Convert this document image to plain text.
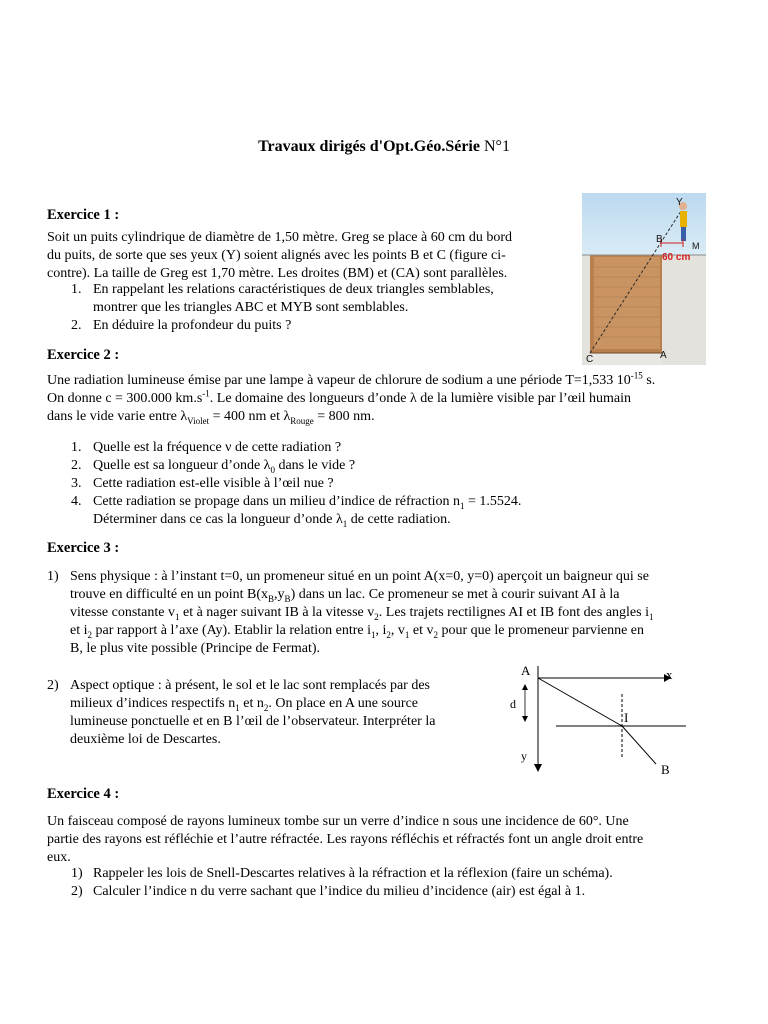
Travaux dirigés d'Opt.Géo.Série N°1
Exercice 1 :
Soit un puits cylindrique de diamètre de 1,50 mètre. Greg se place à 60 cm du bord
du puits, de sorte que ses yeux (Y) soient alignés avec les points B et C (figure ci-
contre). La taille de Greg est 1,70 mètre. Les droites (BM) et (CA) sont parallèles.
1. En rappelant les relations caractéristiques de deux triangles semblables,
montrer que les triangles ABC et MYB sont semblables.
2. En déduire la profondeur du puits ?
B
Y
M
60 cm
C	A
Exercice 2 :
Une radiation lumineuse émise par une lampe à vapeur de chlorure de sodium a une période T=1,533 $10^{-15}$ s.
On donne c = 300.000 $km.s^{-1}$. Le domaine des longueurs d’onde λ de la lumière visible par l’œil humain
dans le vide varie entre $\lambda_{Violet} = 400$ nm et $\lambda_{Rouge} = 800$ nm.
1. Quelle est la fréquence ν de cette radiation ?
2. Quelle est sa longueur d’onde $\lambda_0$ dans le vide ?
3. Cette radiation est-elle visible à l’œil nue ?
4. Cette radiation se propage dans un milieu d’indice de réfraction $n_1 = 1.5524$.
Déterminer dans ce cas la longueur d’onde $\lambda_1$ de cette radiation.
Exercice 3 :
1) Sens physique : à l’instant t=0, un promeneur situé en un point A(x=0, y=0) aperçoit un baigneur qui se
trouve en difficulté en un point $B(x_B,y_B)$ dans un lac. Ce promeneur se met à courir suivant AI à la
vitesse constante $v_1$ et à nager suivant IB à la vitesse $v_2$. Les trajets rectilignes AI et IB font des angles $i_1$
et $i_2$ par rapport à l’axe (Ay). Etablir la relation entre $i_1$, $i_2$, $v_1$ et $v_2$ pour que le promeneur parvienne en
B, le plus vite possible (Principe de Fermat).
2) Aspect optique : à présent, le sol et le lac sont remplacés par des
milieux d’indices respectifs $n_1$ et $n_2$. On place en A une source
lumineuse ponctuelle et en B l’œil de l’observateur. Interpréter la
deuxième loi de Descartes.
A	x
d
I
y
B
Exercice 4 :
Un faisceau composé de rayons lumineux tombe sur un verre d’indice n sous une incidence de 60°. Une
partie des rayons est réfléchie et l’autre réfractée. Les rayons réfléchis et réfractés font un angle droit entre
eux.
1) Rappeler les lois de Snell-Descartes relatives à la réfraction et la réflexion (faire un schéma).
2) Calculer l’indice n du verre sachant que l’indice du milieu d’incidence (air) est égal à 1.
